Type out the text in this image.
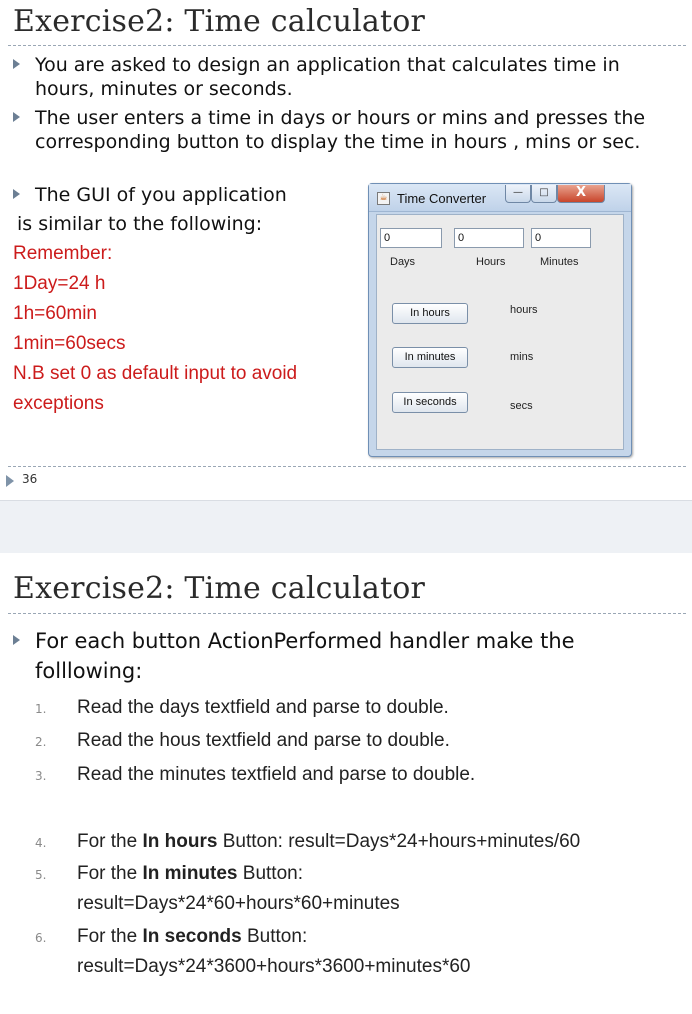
Exercise2: Time calculator
You are asked to design an application that calculates time in hours, minutes or seconds.
The user enters a time in days or hours or mins and presses the corresponding button to display the time in hours , mins or sec.
The GUI of you application
is similar to the following:
Remember:
1Day=24 h
1h=60min
1min=60secs
N.B set 0 as default input to avoid
exceptions
☕ Time Converter	—	□	X
0	0	0
Days	Hours	Minutes
In hours	hours
In minutes	mins
In seconds	secs
36
Exercise2: Time calculator
For each button ActionPerformed handler make the
folllowing:
1. Read the days textfield and parse to double.
2. Read the hous textfield and parse to double.
3. Read the minutes textfield and parse to double.
4. For the In hours Button: result=Days*24+hours+minutes/60
5. For the In minutes Button:
result=Days*24*60+hours*60+minutes
6. For the In seconds Button:
result=Days*24*3600+hours*3600+minutes*60
